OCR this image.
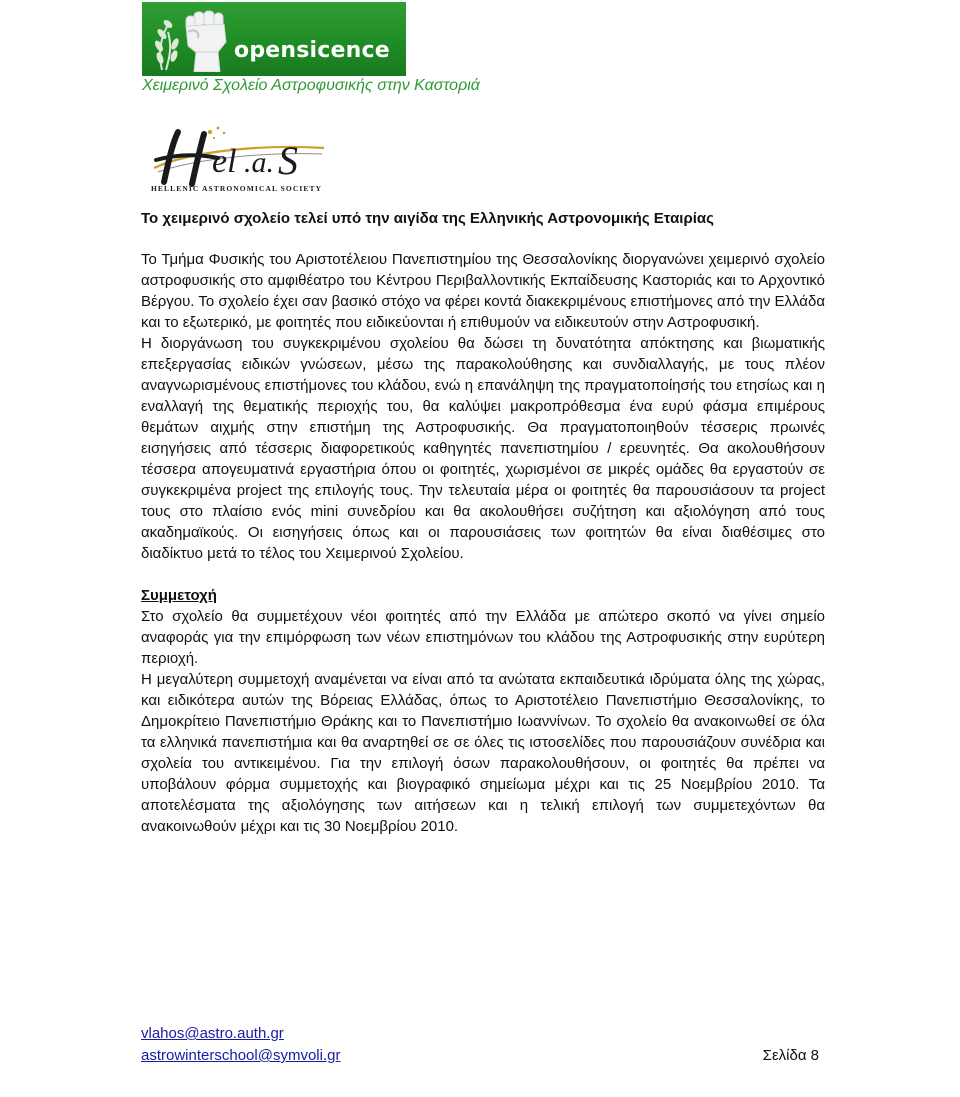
opensicence
Χειμερινό Σχολείο Αστροφυσικής στην Καστοριά
el .a. S
HELLENIC ASTRONOMICAL SOCIETY

Το χειμερινό σχολείο τελεί υπό την αιγίδα της Ελληνικής Αστρονομικής Εταιρίας

Το Τμήμα Φυσικής του Αριστοτέλειου Πανεπιστημίου της Θεσσαλονίκης διοργανώνει χειμερινό σχολείο αστροφυσικής στο αμφιθέατρο του Κέντρου Περιβαλλοντικής Εκπαίδευσης Καστοριάς και το Αρχοντικό Βέργου. Το σχολείο έχει σαν βασικό στόχο να φέρει κοντά διακεκριμένους επιστήμονες από την Ελλάδα και το εξωτερικό, με φοιτητές που ειδικεύονται ή επιθυμούν να ειδικευτούν στην Αστροφυσική.

Η διοργάνωση του συγκεκριμένου σχολείου θα δώσει τη δυνατότητα απόκτησης και βιωματικής επεξεργασίας ειδικών γνώσεων, μέσω της παρακολούθησης και συνδιαλλαγής, με τους πλέον αναγνωρισμένους επιστήμονες του κλάδου, ενώ η επανάληψη της πραγματοποίησής του ετησίως και η εναλλαγή της θεματικής περιοχής του, θα καλύψει μακροπρόθεσμα ένα ευρύ φάσμα επιμέρους θεμάτων αιχμής στην επιστήμη της Αστροφυσικής. Θα πραγματοποιηθούν τέσσερις πρωινές εισηγήσεις από τέσσερις διαφορετικούς καθηγητές πανεπιστημίου / ερευνητές. Θα ακολουθήσουν τέσσερα απογευματινά εργαστήρια όπου οι φοιτητές, χωρισμένοι σε μικρές ομάδες θα εργαστούν σε συγκεκριμένα project της επιλογής τους. Την τελευταία μέρα οι φοιτητές θα παρουσιάσουν τα project τους στο πλαίσιο ενός mini συνεδρίου και θα ακολουθήσει συζήτηση και αξιολόγηση από τους ακαδημαϊκούς. Οι εισηγήσεις όπως και οι παρουσιάσεις των φοιτητών θα είναι διαθέσιμες στο διαδίκτυο μετά το τέλος του Χειμερινού Σχολείου.

Συμμετοχή

Στο σχολείο θα συμμετέχουν νέοι φοιτητές από την Ελλάδα με απώτερο σκοπό να γίνει σημείο αναφοράς για την επιμόρφωση των νέων επιστημόνων του κλάδου της Αστροφυσικής στην ευρύτερη περιοχή.

Η μεγαλύτερη συμμετοχή αναμένεται να είναι από τα ανώτατα εκπαιδευτικά ιδρύματα όλης της χώρας, και ειδικότερα αυτών της Βόρειας Ελλάδας, όπως το Αριστοτέλειο Πανεπιστήμιο Θεσσαλονίκης, το Δημοκρίτειο Πανεπιστήμιο Θράκης και το Πανεπιστήμιο Ιωαννίνων. Το σχολείο θα ανακοινωθεί σε όλα τα ελληνικά πανεπιστήμια και θα αναρτηθεί σε σε όλες τις ιστοσελίδες που παρουσιάζουν συνέδρια και σχολεία του αντικειμένου. Για την επιλογή όσων παρακολουθήσουν, οι φοιτητές θα πρέπει να υποβάλουν φόρμα συμμετοχής και βιογραφικό σημείωμα μέχρι και τις 25 Νοεμβρίου 2010. Τα αποτελέσματα της αξιολόγησης των αιτήσεων και η τελική επιλογή των συμμετεχόντων θα ανακοινωθούν μέχρι και τις 30 Νοεμβρίου 2010.

vlahos@astro.auth.gr
astrowinterschool@symvoli.gr	Σελίδα 8
